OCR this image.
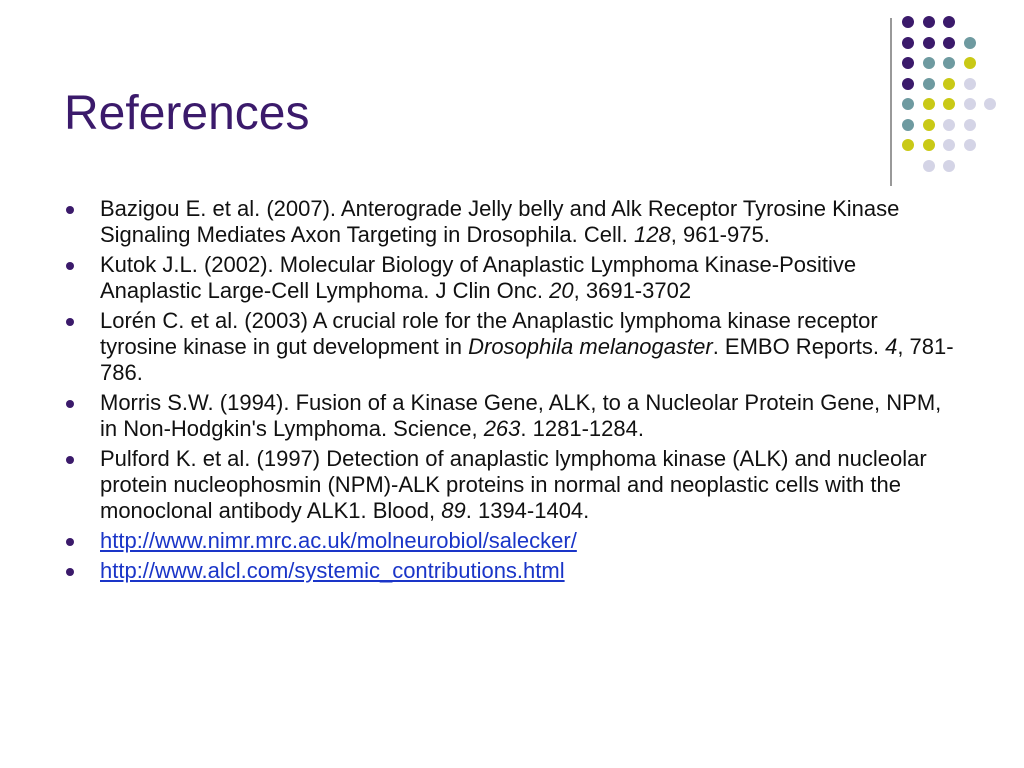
References
Bazigou E. et al. (2007). Anterograde Jelly belly and Alk Receptor Tyrosine Kinase Signaling Mediates Axon Targeting in Drosophila. Cell. 128, 961-975.
Kutok J.L. (2002). Molecular Biology of Anaplastic Lymphoma Kinase-Positive Anaplastic Large-Cell Lymphoma. J Clin Onc. 20, 3691-3702
Lorén C. et al. (2003) A crucial role for the Anaplastic lymphoma kinase receptor tyrosine kinase in gut development in Drosophila melanogaster. EMBO Reports. 4, 781-786.
Morris S.W. (1994). Fusion of a Kinase Gene, ALK, to a Nucleolar Protein Gene, NPM, in Non-Hodgkin's Lymphoma. Science, 263. 1281-1284.
Pulford K. et al. (1997) Detection of anaplastic lymphoma kinase (ALK) and nucleolar protein nucleophosmin (NPM)-ALK proteins in normal and neoplastic cells with the monoclonal antibody ALK1. Blood, 89. 1394-1404.
http://www.nimr.mrc.ac.uk/molneurobiol/salecker/
http://www.alcl.com/systemic_contributions.html
